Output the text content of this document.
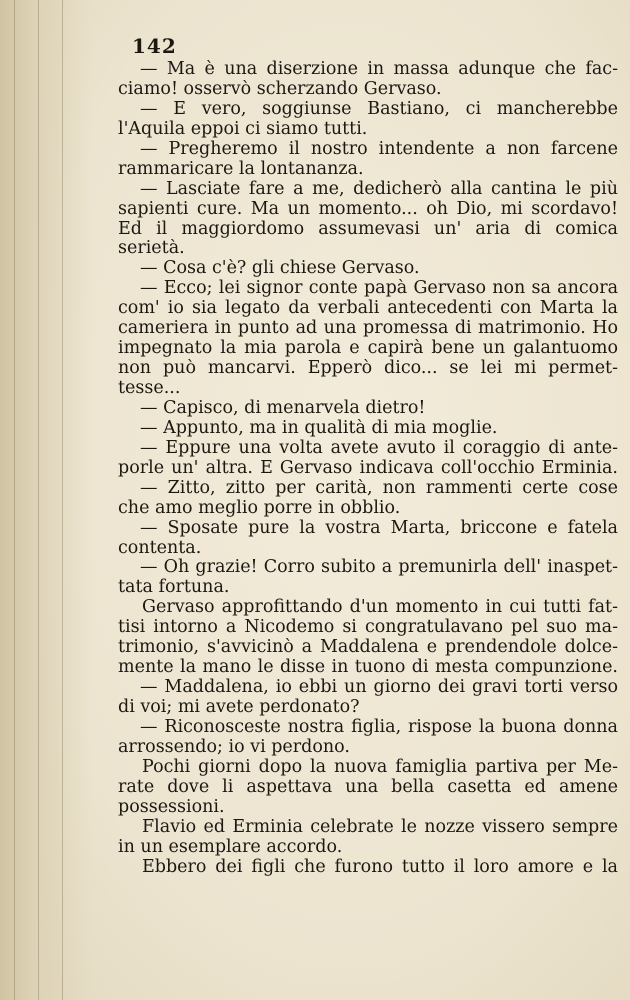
142
— Ma è una diserzione in massa adunque che fac-
ciamo! osservò scherzando Gervaso.
— È vero, soggiunse Bastiano, ci mancherebbe
l'Aquila eppoi ci siamo tutti.
— Pregheremo il nostro intendente a non farcene
rammaricare la lontananza.
— Lasciate fare a me, dedicherò alla cantina le più
sapienti cure. Ma un momento... oh Dio, mi scordavo!
Ed il maggiordomo assumevasi un' aria di comica
serietà.
— Cosa c'è? gli chiese Gervaso.
— Ecco; lei signor conte papà Gervaso non sa ancora
com' io sia legato da verbali antecedenti con Marta la
cameriera in punto ad una promessa di matrimonio. Ho
impegnato la mia parola e capirà bene un galantuomo
non può mancarvi. Epperò dico... se lei mi permet-
tesse...
— Capisco, di menarvela dietro!
— Appunto, ma in qualità di mia moglie.
— Eppure una volta avete avuto il coraggio di ante-
porle un' altra. E Gervaso indicava coll'occhio Erminia.
— Zitto, zitto per carità, non rammenti certe cose
che amo meglio porre in obblio.
— Sposate pure la vostra Marta, briccone e fatela
contenta.
— Oh grazie! Corro subito a premunirla dell' inaspet-
tata fortuna.
Gervaso approfittando d'un momento in cui tutti fat-
tisi intorno a Nicodemo si congratulavano pel suo ma-
trimonio, s'avvicinò a Maddalena e prendendole dolce-
mente la mano le disse in tuono di mesta compunzione.
— Maddalena, io ebbi un giorno dei gravi torti verso
di voi; mi avete perdonato?
— Riconosceste nostra figlia, rispose la buona donna
arrossendo; io vi perdono.
Pochi giorni dopo la nuova famiglia partiva per Me-
rate dove li aspettava una bella casetta ed amene
possessioni.
Flavio ed Erminia celebrate le nozze vissero sempre
in un esemplare accordo.
Ebbero dei figli che furono tutto il loro amore e la
